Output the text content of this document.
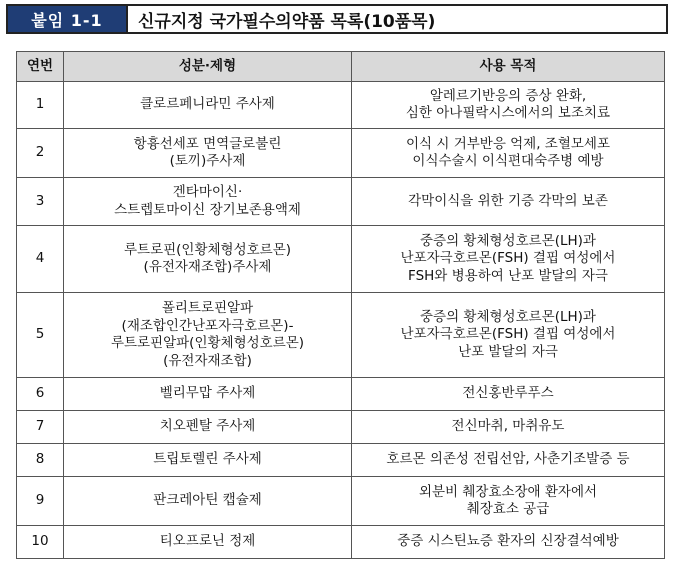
붙임 1-1	신규지정 국가필수의약품 목록(10품목)
연번	성분·제형	사용 목적
1	클로르페니라민 주사제	알레르기반응의 증상 완화,
심한 아나필락시스에서의 보조치료

2	항흉선세포 면역글로불린
(토끼)주사제	이식 시 거부반응 억제, 조혈모세포
이식수술시 이식편대숙주병 예방

3	겐타마이신·
스트렙토마이신 장기보존용액제	각막이식을 위한 기증 각막의 보존

4	루트로핀(인황체형성호르몬)
(유전자재조합)주사제	중증의 황체형성호르몬(LH)과
난포자극호르몬(FSH) 결핍 여성에서
FSH와 병용하여 난포 발달의 자극

5	폴리트로핀알파
(재조합인간난포자극호르몬)-
루트로핀알파(인황체형성호르몬)
(유전자재조합)	중증의 황체형성호르몬(LH)과
난포자극호르몬(FSH) 결핍 여성에서
난포 발달의 자극

6	벨리무맙 주사제	전신홍반루푸스

7	치오펜탈 주사제	전신마취, 마취유도

8	트립토렐린 주사제	호르몬 의존성 전립선암, 사춘기조발증 등

9	판크레아틴 캡슐제	외분비 췌장효소장애 환자에서
췌장효소 공급

10	티오프로닌 정제	중증 시스틴뇨증 환자의 신장결석예방
